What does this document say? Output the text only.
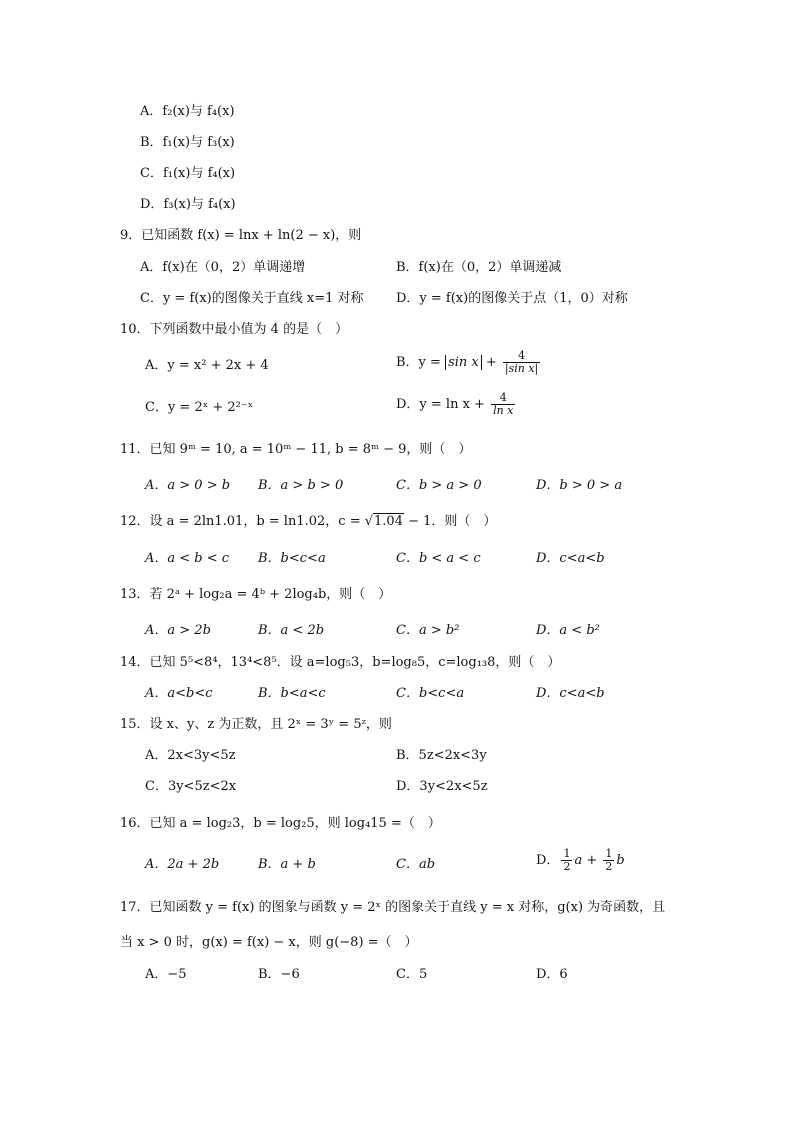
A．f₂(x)与 f₄(x)
B．f₁(x)与 f₃(x)
C．f₁(x)与 f₄(x)
D．f₃(x)与 f₄(x)
9．已知函数 f(x) = lnx + ln(2 − x)，则
A．f(x)在（0，2）单调递增	B．f(x)在（0，2）单调递减
C．y = f(x)的图像关于直线 x=1 对称	D．y = f(x)的图像关于点（1，0）对称
10．下列函数中最小值为 4 的是（　）
A．y = x² + 2x + 4	B．$y = \sin x + \frac{4}{\text{|sin x|}}$
C．y = 2ˣ + 2²⁻ˣ	D．$y = \ln x + \frac{4}{\text{ln x}}$
11．已知 9ᵐ = 10, a = 10ᵐ − 11, b = 8ᵐ − 9，则（　）
A．a > 0 > b B．a > b > 0	C．b > a > 0	D．b > 0 > a
12．设 a = 2ln1.01，b = ln1.02，c = √1.04 − 1．则（　）
A．a < b < c B．b<c<a	C．b < a < c	D．c<a<b
13．若 2ᵃ + log₂a = 4ᵇ + 2log₄b，则（　）
A．a > 2b	B．a < 2b	C．a > b²	D．a < b²
14．已知 5⁵<8⁴，13⁴<8⁵．设 a=log₅3，b=log₈5，c=log₁₃8，则（　）
A．a<b<c	B．b<a<c	C．b<c<a	D．c<a<b
15．设 x、y、z 为正数，且 2ˣ = 3ʸ = 5ᶻ，则
A．2x<3y<5z	B．5z<2x<3y
C．3y<5z<2x	D．3y<2x<5z
16．已知 a = log₂3，b = log₂5，则 log₄15 =（　）
A．2a + 2b	B．a + b	C．ab	D． $\frac{1}{2}$ $a + \frac{1}{2}$ b
17．已知函数 y = f(x) 的图象与函数 y = 2ˣ 的图象关于直线 y = x 对称，g(x) 为奇函数，且
当 x > 0 时，g(x) = f(x) − x，则 g(−8) =（　）
A．−5	B．−6	C．5	D．6
